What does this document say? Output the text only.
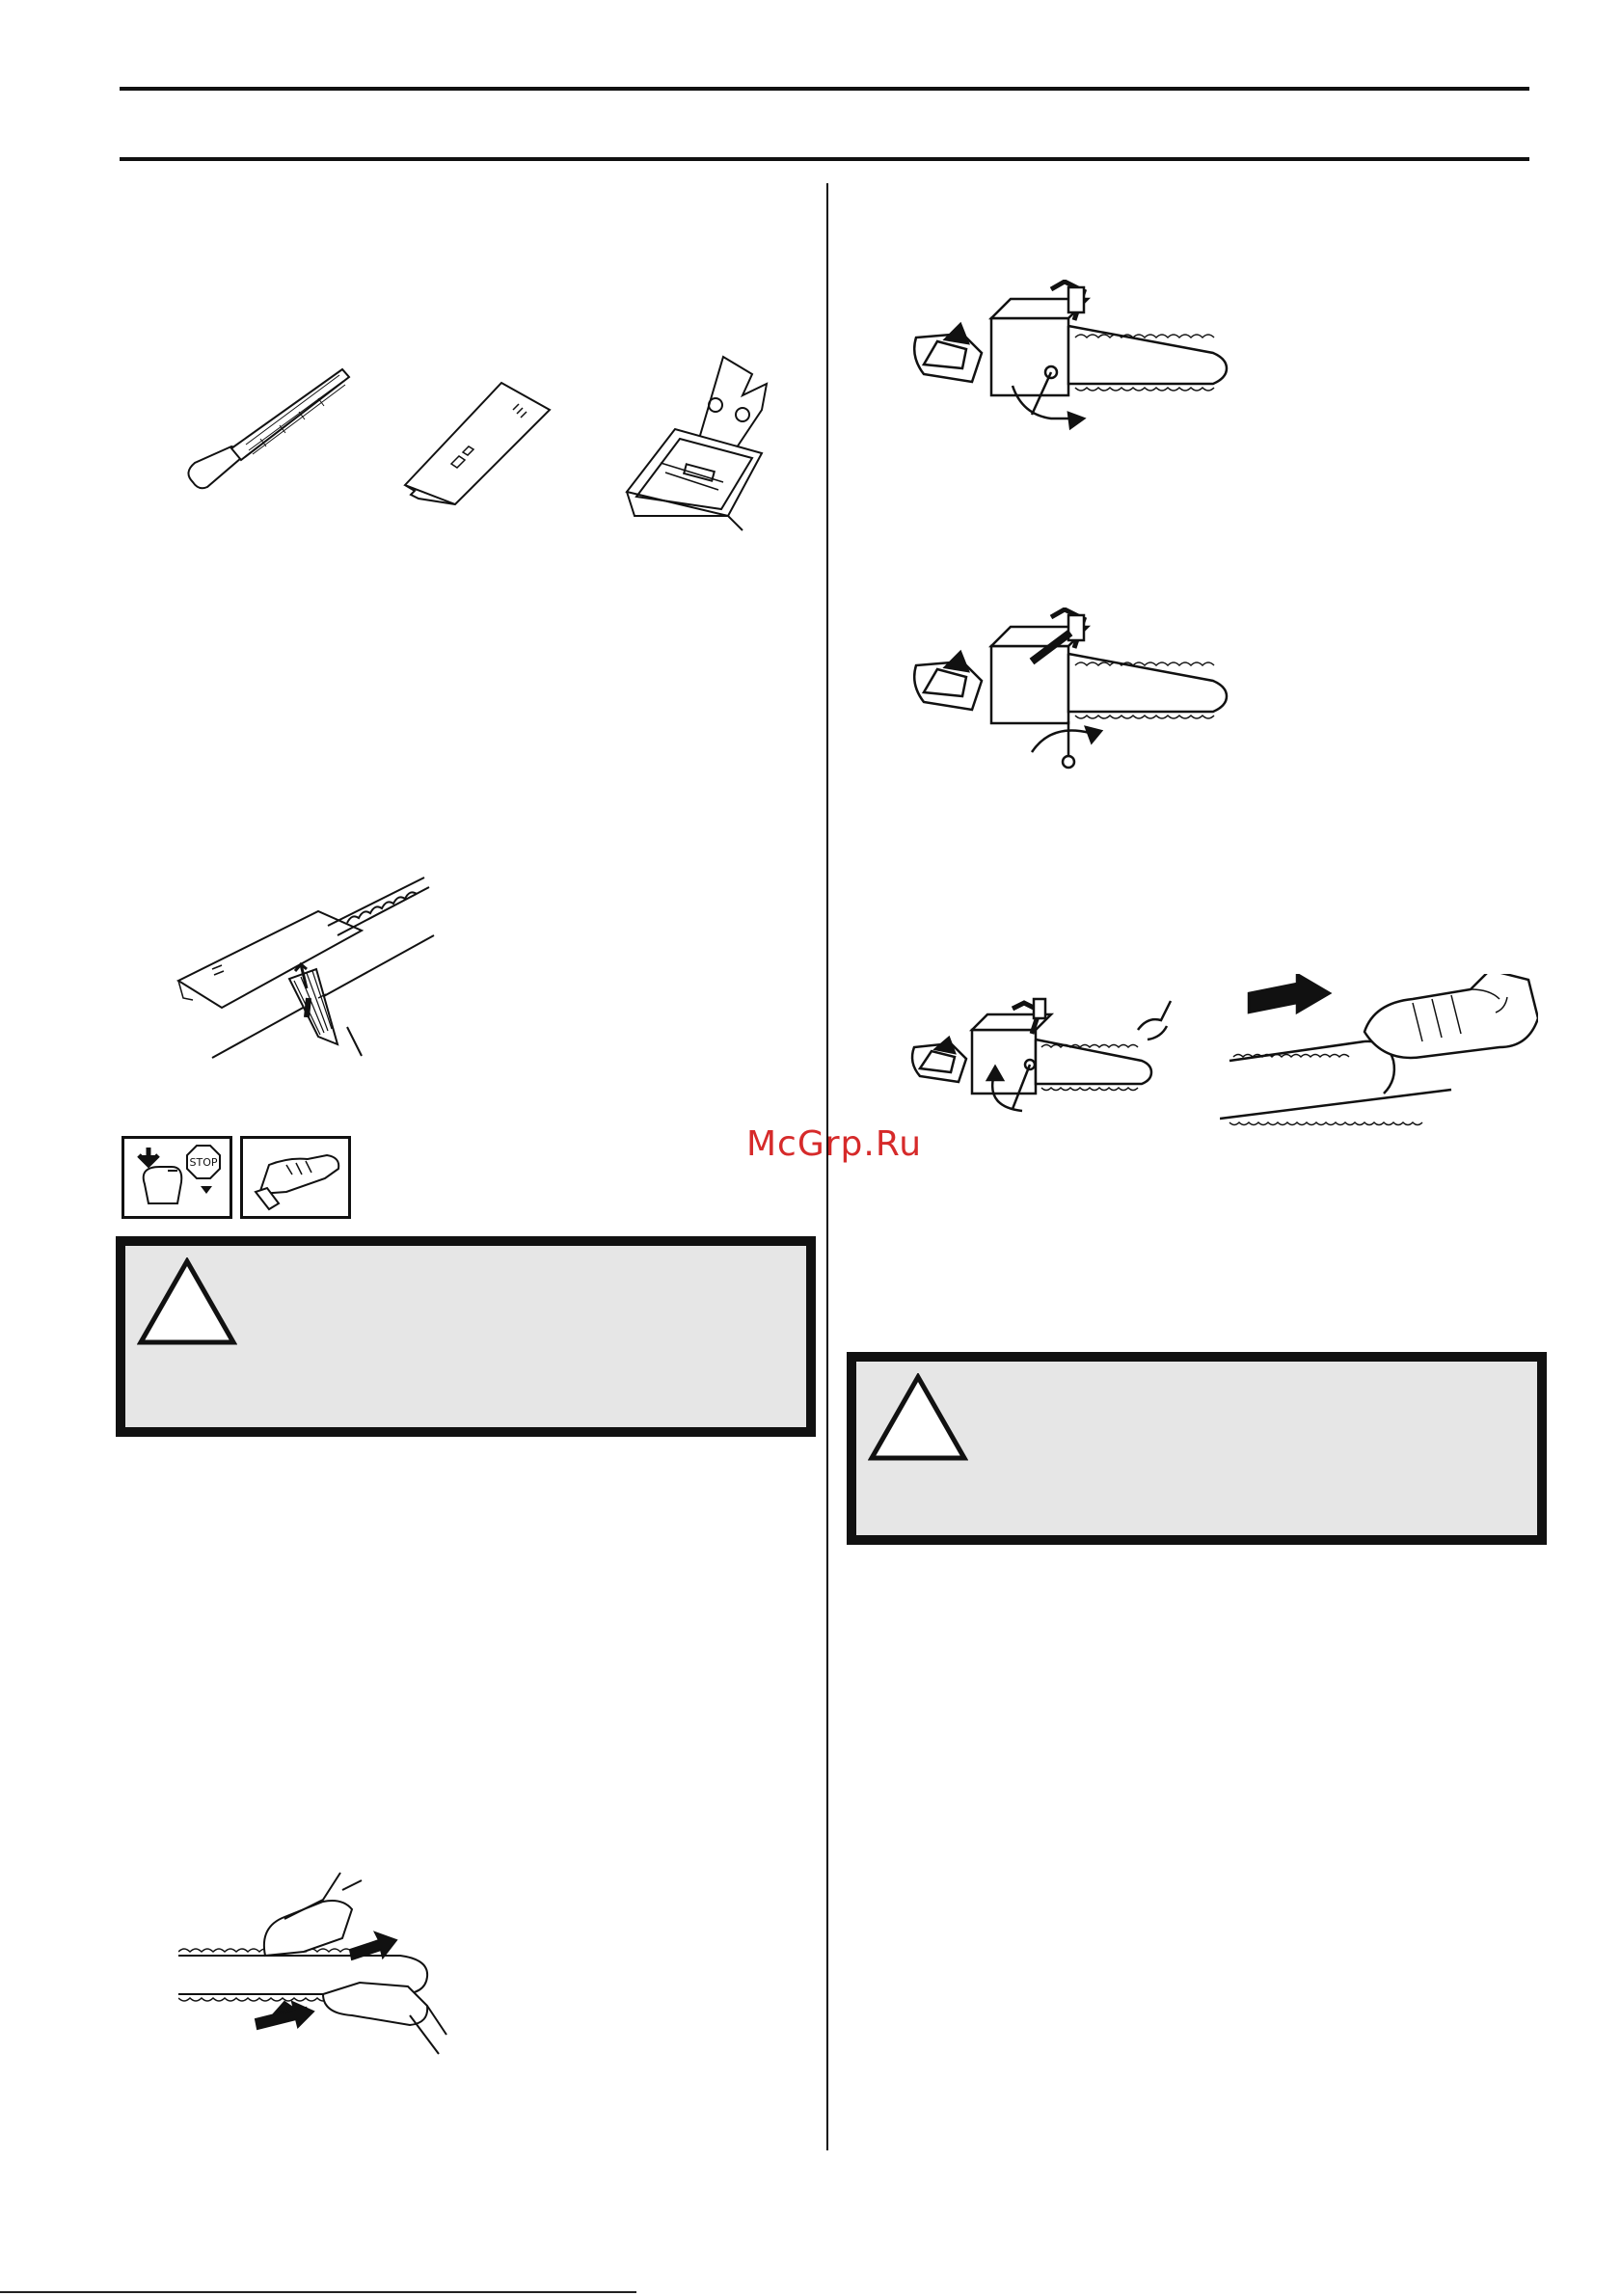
STOP	McGrp.Ru
